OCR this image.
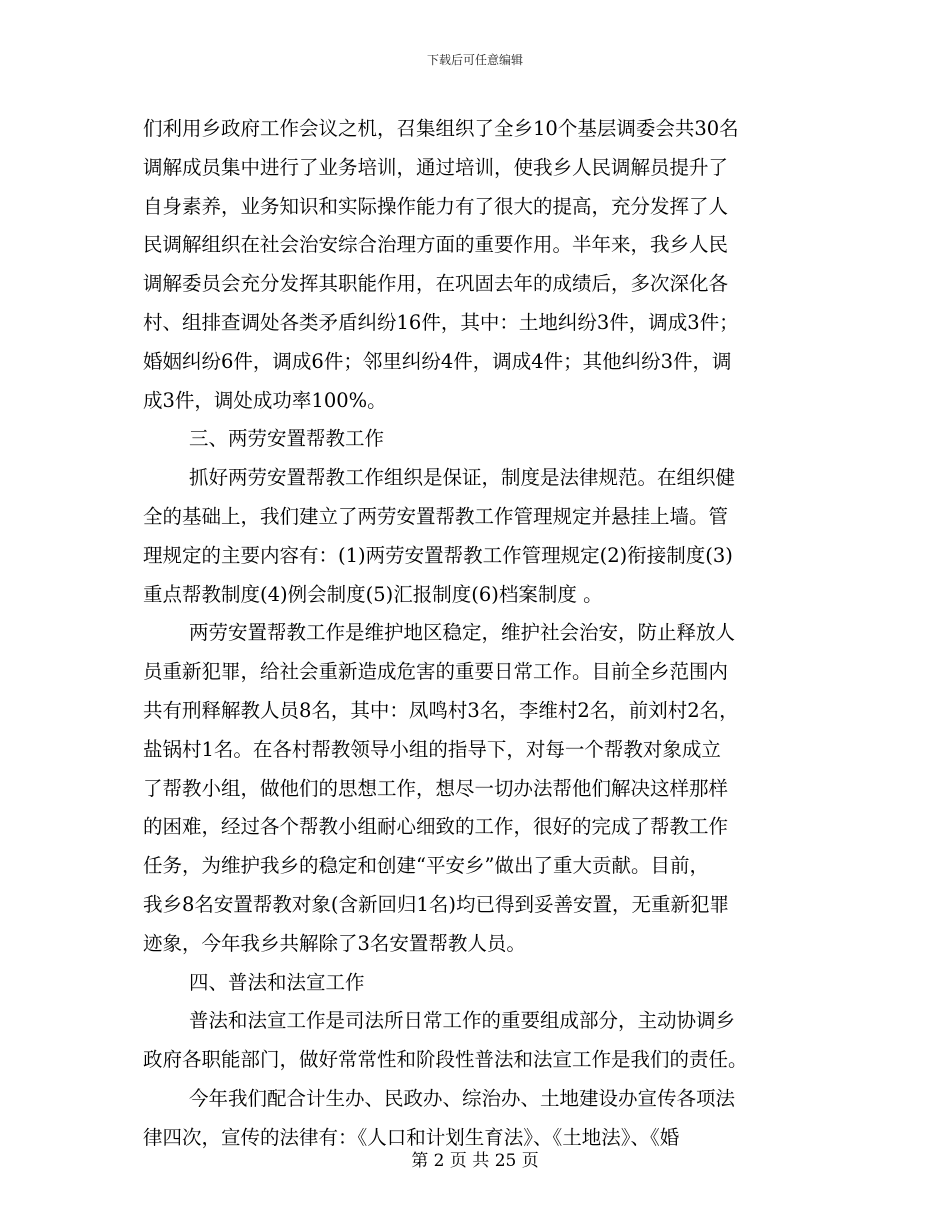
下载后可任意编辑
们利用乡政府工作会议之机，召集组织了全乡10个基层调委会共30名
调解成员集中进行了业务培训，通过培训，使我乡人民调解员提升了
自身素养，业务知识和实际操作能力有了很大的提高，充分发挥了人
民调解组织在社会治安综合治理方面的重要作用。半年来，我乡人民
调解委员会充分发挥其职能作用，在巩固去年的成绩后，多次深化各
村、组排查调处各类矛盾纠纷16件，其中：土地纠纷3件，调成3件；
婚姻纠纷6件，调成6件；邻里纠纷4件，调成4件；其他纠纷3件，调
成3件，调处成功率100%。
三、两劳安置帮教工作
抓好两劳安置帮教工作组织是保证，制度是法律规范。在组织健
全的基础上，我们建立了两劳安置帮教工作管理规定并悬挂上墙。管
理规定的主要内容有：(1)两劳安置帮教工作管理规定(2)衔接制度(3)
重点帮教制度(4)例会制度(5)汇报制度(6)档案制度 。
两劳安置帮教工作是维护地区稳定，维护社会治安，防止释放人
员重新犯罪，给社会重新造成危害的重要日常工作。目前全乡范围内
共有刑释解教人员8名，其中：凤鸣村3名，李维村2名，前刘村2名，
盐锅村1名。在各村帮教领导小组的指导下，对每一个帮教对象成立
了帮教小组，做他们的思想工作，想尽一切办法帮他们解决这样那样
的困难，经过各个帮教小组耐心细致的工作，很好的完成了帮教工作
任务，为维护我乡的稳定和创建“平安乡”做出了重大贡献。目前，
我乡8名安置帮教对象(含新回归1名)均已得到妥善安置，无重新犯罪
迹象，今年我乡共解除了3名安置帮教人员。
四、普法和法宣工作
普法和法宣工作是司法所日常工作的重要组成部分，主动协调乡
政府各职能部门，做好常常性和阶段性普法和法宣工作是我们的责任。
今年我们配合计生办、民政办、综治办、土地建设办宣传各项法
律四次，宣传的法律有：《人口和计划生育法》、《土地法》、《婚
第 2 页 共 25 页
